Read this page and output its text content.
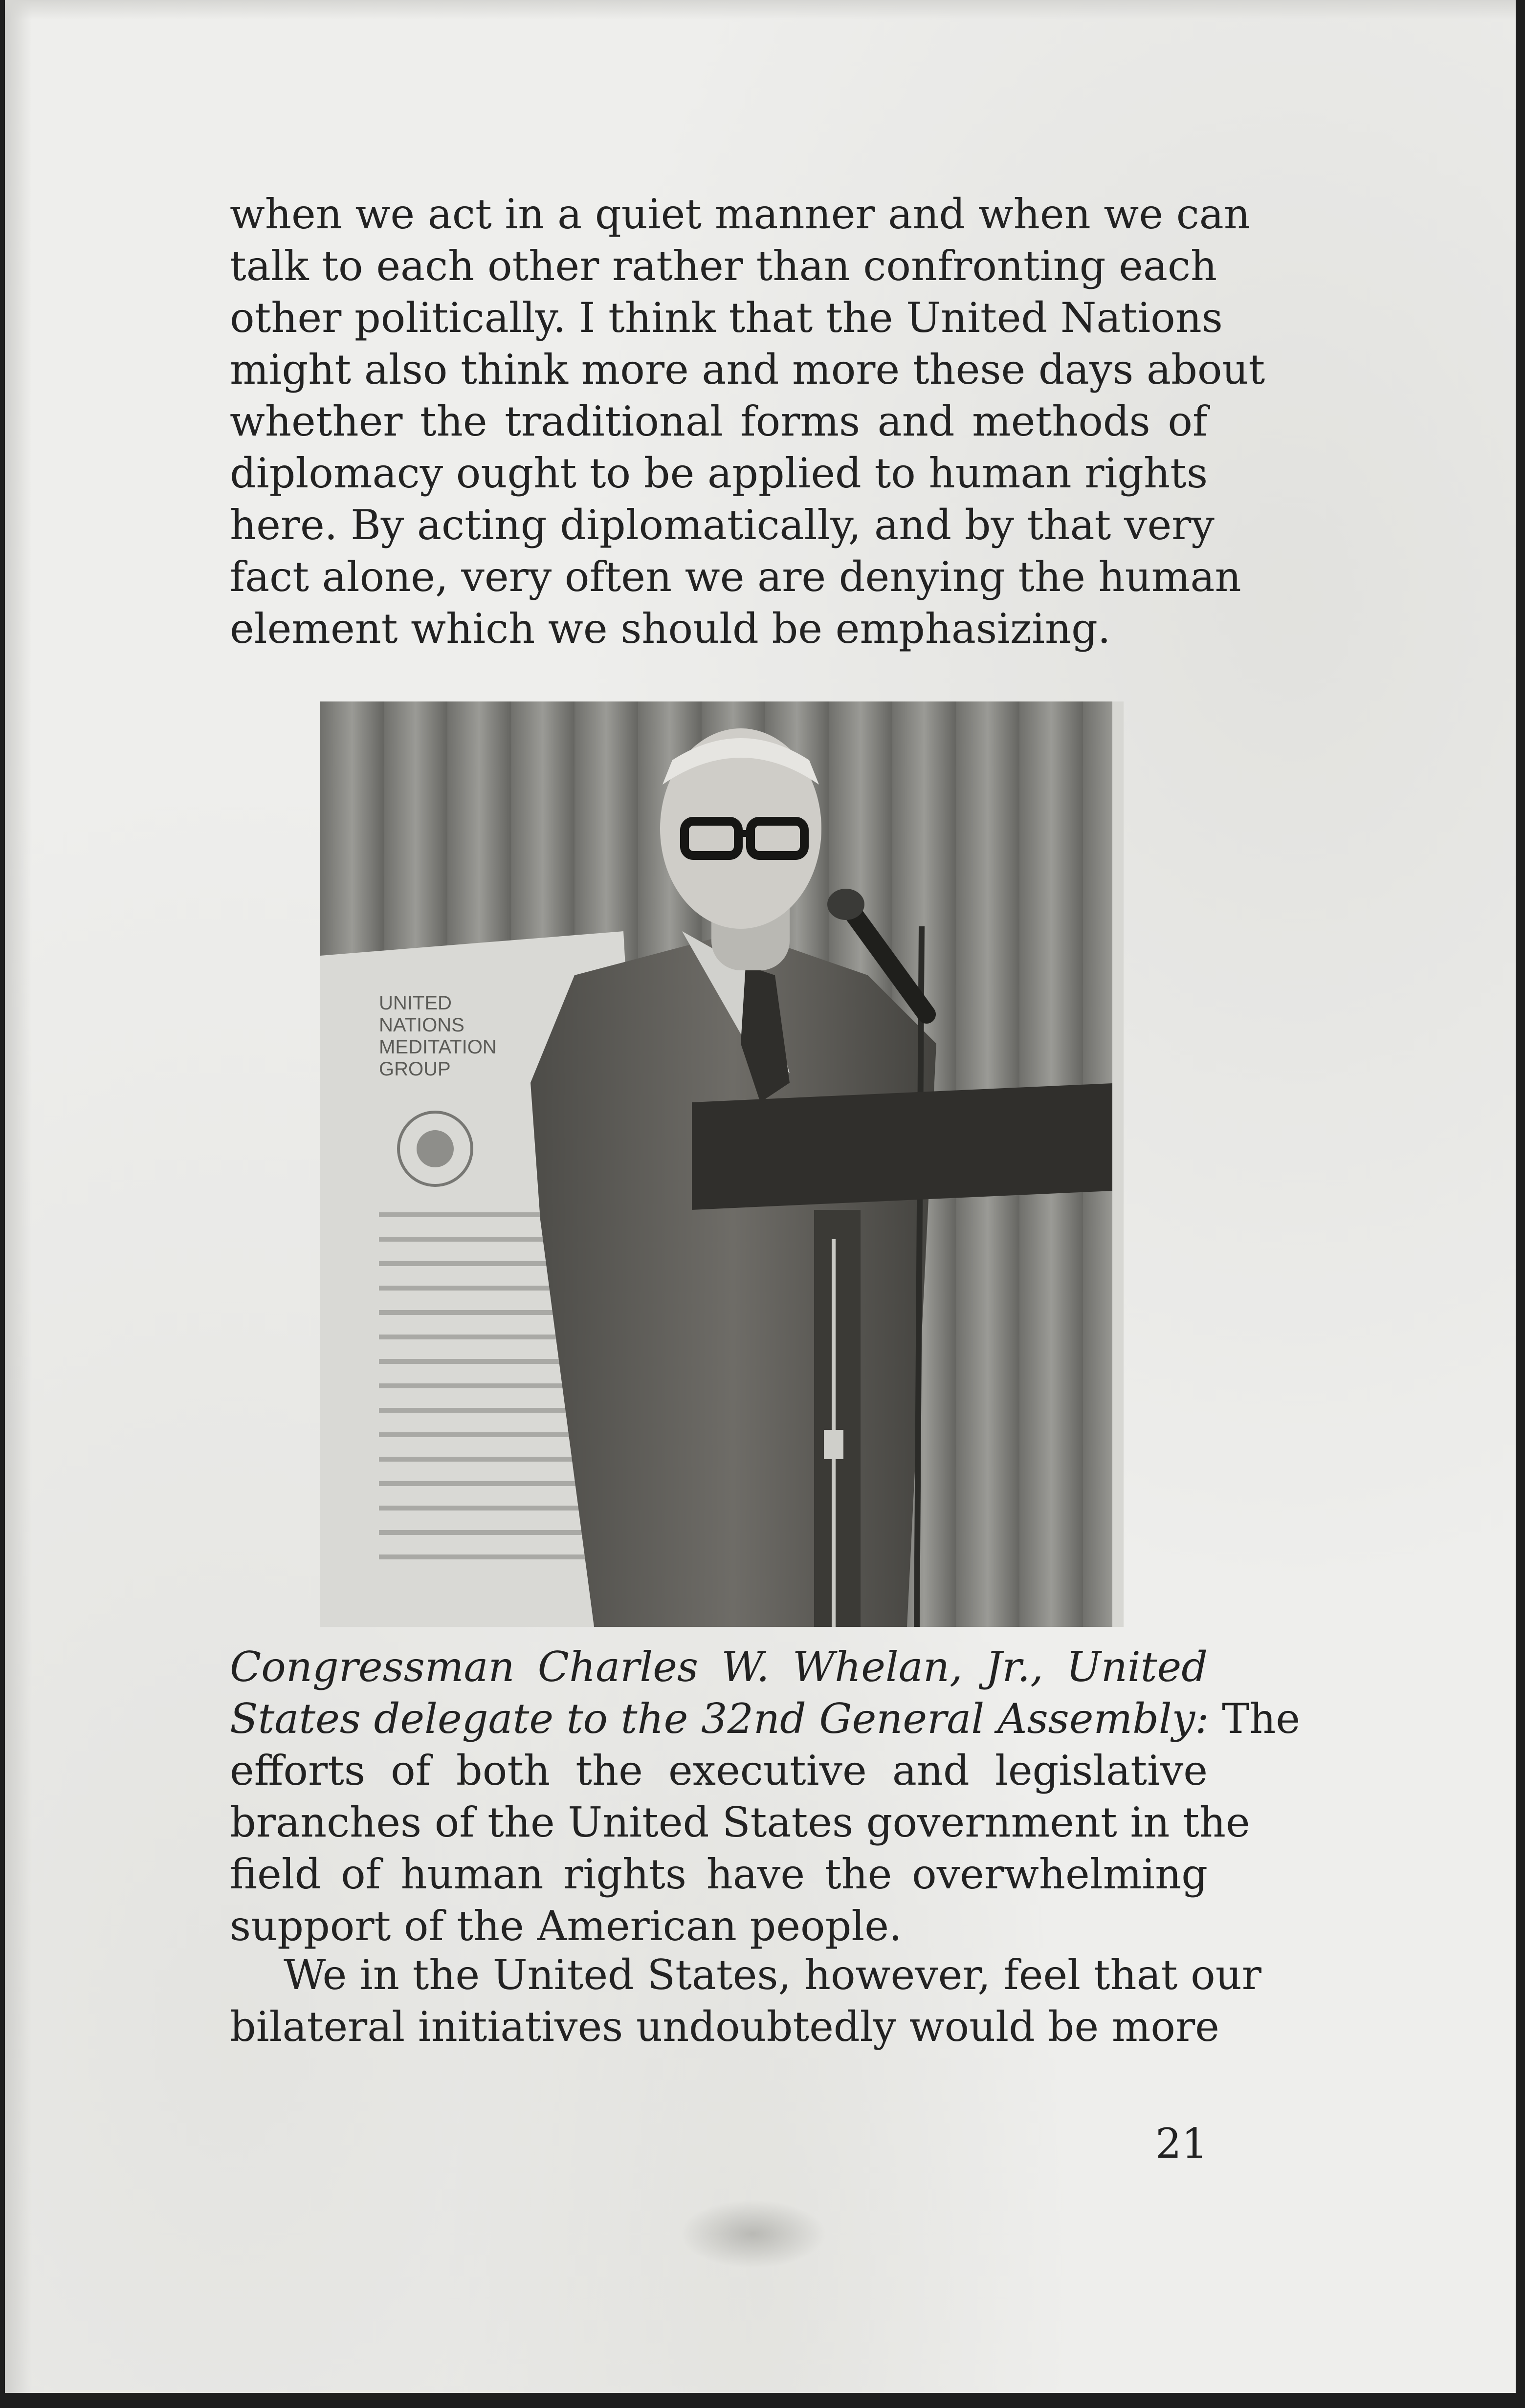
when we act in a quiet manner and when we can
talk to each other rather than confronting each
other politically. I think that the United Nations
might also think more and more these days about
whether the traditional forms and methods of
diplomacy ought to be applied to human rights
here. By acting diplomatically, and by that very
fact alone, very often we are denying the human
element which we should be emphasizing.
UNITED
NATIONS
MEDITATION
GROUP
Congressman Charles W. Whelan, Jr., United
States delegate to the 32nd General Assembly: The
efforts of both the executive and legislative
branches of the United States government in the
field of human rights have the overwhelming
support of the American people.
We in the United States, however, feel that our
bilateral initiatives undoubtedly would be more
21
